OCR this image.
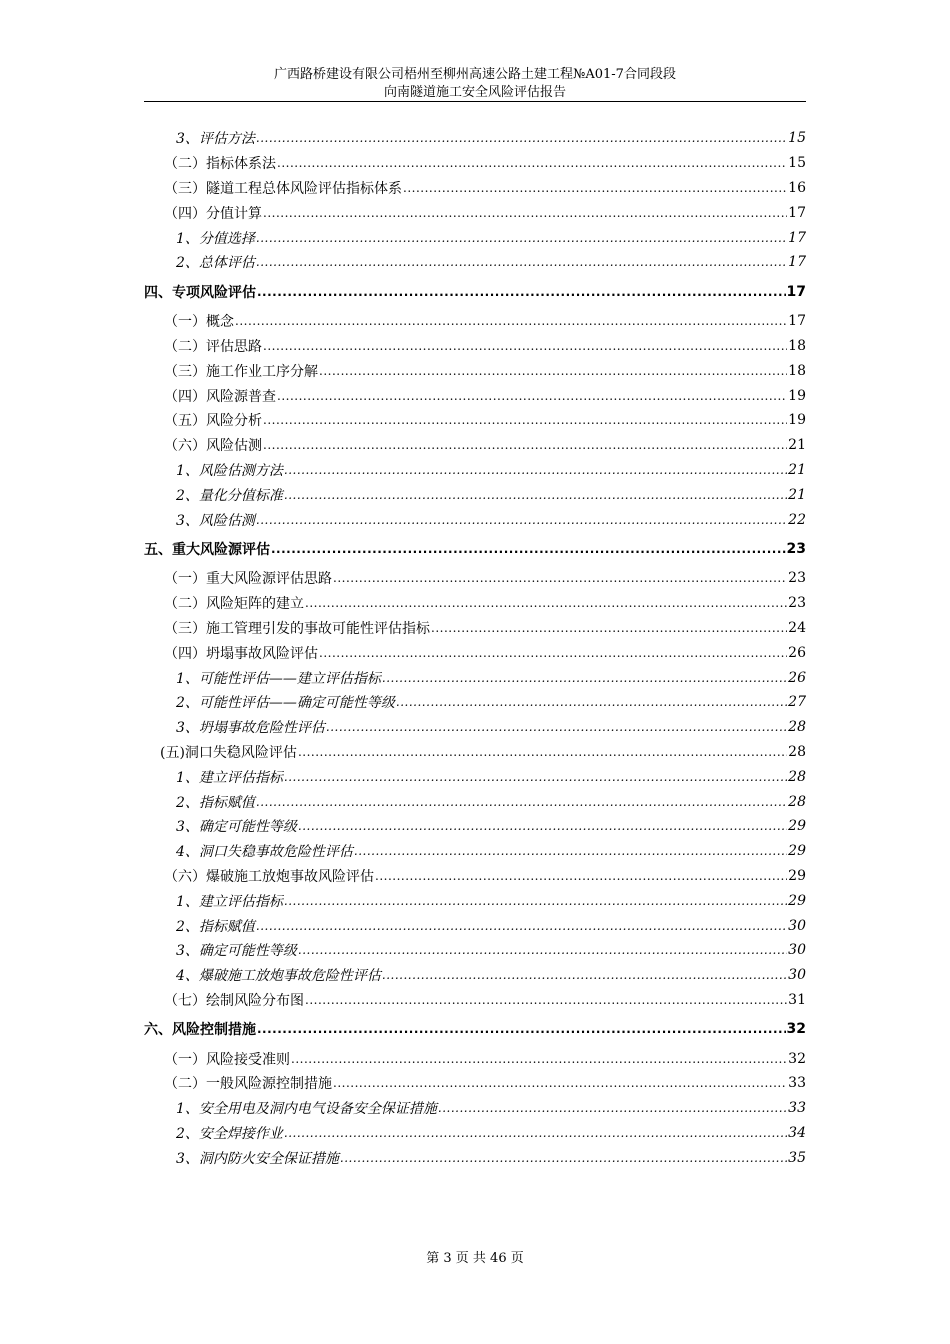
广西路桥建设有限公司梧州至柳州高速公路土建工程№A01-7合同段段
向南隧道施工安全风险评估报告
3、评估方法 .....	15
（二）指标体系法 .....	15
（三）隧道工程总体风险评估指标体系 .....	16
（四）分值计算 .....	17
1、分值选择 .....	17
2、总体评估 .....	17
四、专项风险评估 .....	17
（一）概念 .....	17
（二）评估思路 .....	18
（三）施工作业工序分解 .....	18
（四）风险源普查 .....	19
（五）风险分析 .....	19
（六）风险估测 .....	21
1、风险估测方法 .....	21
2、量化分值标准 .....	21
3、风险估测 .....	22
五、重大风险源评估 .....	23
（一）重大风险源评估思路 .....	23
（二）风险矩阵的建立 .....	23
（三）施工管理引发的事故可能性评估指标 .....	24
（四）坍塌事故风险评估 .....	26
1、可能性评估——建立评估指标 .....	26
2、可能性评估——确定可能性等级 .....	27
3、坍塌事故危险性评估 .....	28
(五)洞口失稳风险评估 .....	28
1、建立评估指标 .....	28
2、指标赋值 .....	28
3、确定可能性等级 .....	29
4、洞口失稳事故危险性评估 .....	29
（六）爆破施工放炮事故风险评估 .....	29
1、建立评估指标 .....	29
2、指标赋值 .....	30
3、确定可能性等级 .....	30
4、爆破施工放炮事故危险性评估 .....	30
（七）绘制风险分布图 .....	31
六、风险控制措施 .....	32
（一）风险接受准则 .....	32
（二）一般风险源控制措施 .....	33
1、安全用电及洞内电气设备安全保证措施 .....	33
2、安全焊接作业 .....	34
3、洞内防火安全保证措施 .....	35
第 3 页 共 46 页
